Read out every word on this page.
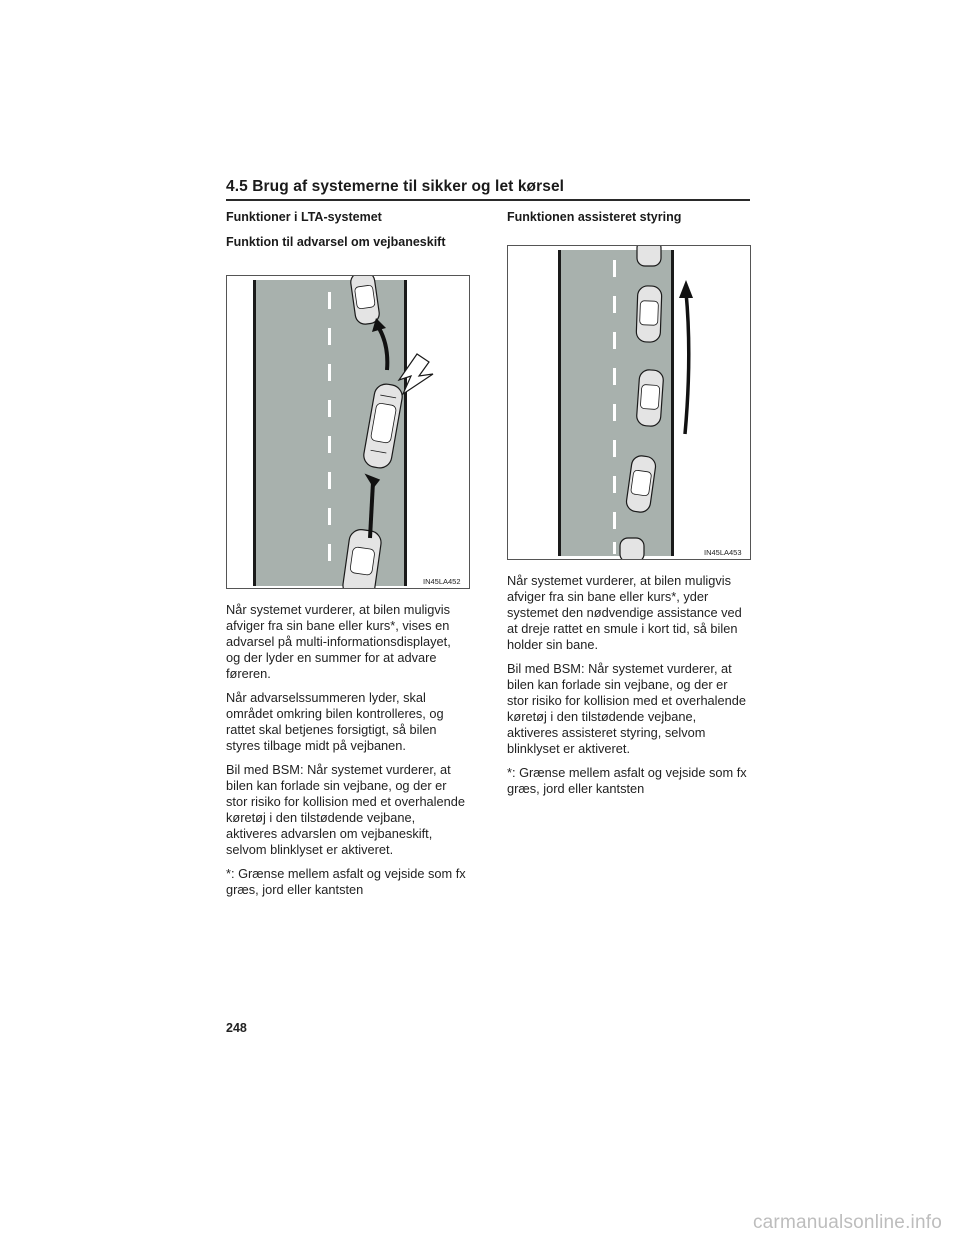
4.5 Brug af systemerne til sikker og let kørsel

Funktioner i LTA-systemet

Funktion til advarsel om vejbaneskift

IN45LA452

Når systemet vurderer, at bilen muligvis afviger fra sin bane eller kurs*, vises en advarsel på multi-informationsdisplayet, og der lyder en summer for at advare føreren.

Når advarselssummeren lyder, skal området omkring bilen kontrolleres, og rattet skal betjenes forsigtigt, så bilen styres tilbage midt på vejbanen.

Bil med BSM: Når systemet vurderer, at bilen kan forlade sin vejbane, og der er stor risiko for kollision med et overhalende køretøj i den tilstødende vejbane, aktiveres advarslen om vejbaneskift, selvom blinklyset er aktiveret.

*: Grænse mellem asfalt og vejside som fx græs, jord eller kantsten

Funktionen assisteret styring

IN45LA453

Når systemet vurderer, at bilen muligvis afviger fra sin bane eller kurs*, yder systemet den nødvendige assistance ved at dreje rattet en smule i kort tid, så bilen holder sin bane.

Bil med BSM: Når systemet vurderer, at bilen kan forlade sin vejbane, og der er stor risiko for kollision med et overhalende køretøj i den tilstødende vejbane, aktiveres assisteret styring, selvom blinklyset er aktiveret.

*: Grænse mellem asfalt og vejside som fx græs, jord eller kantsten

248
carmanualsonline.info
